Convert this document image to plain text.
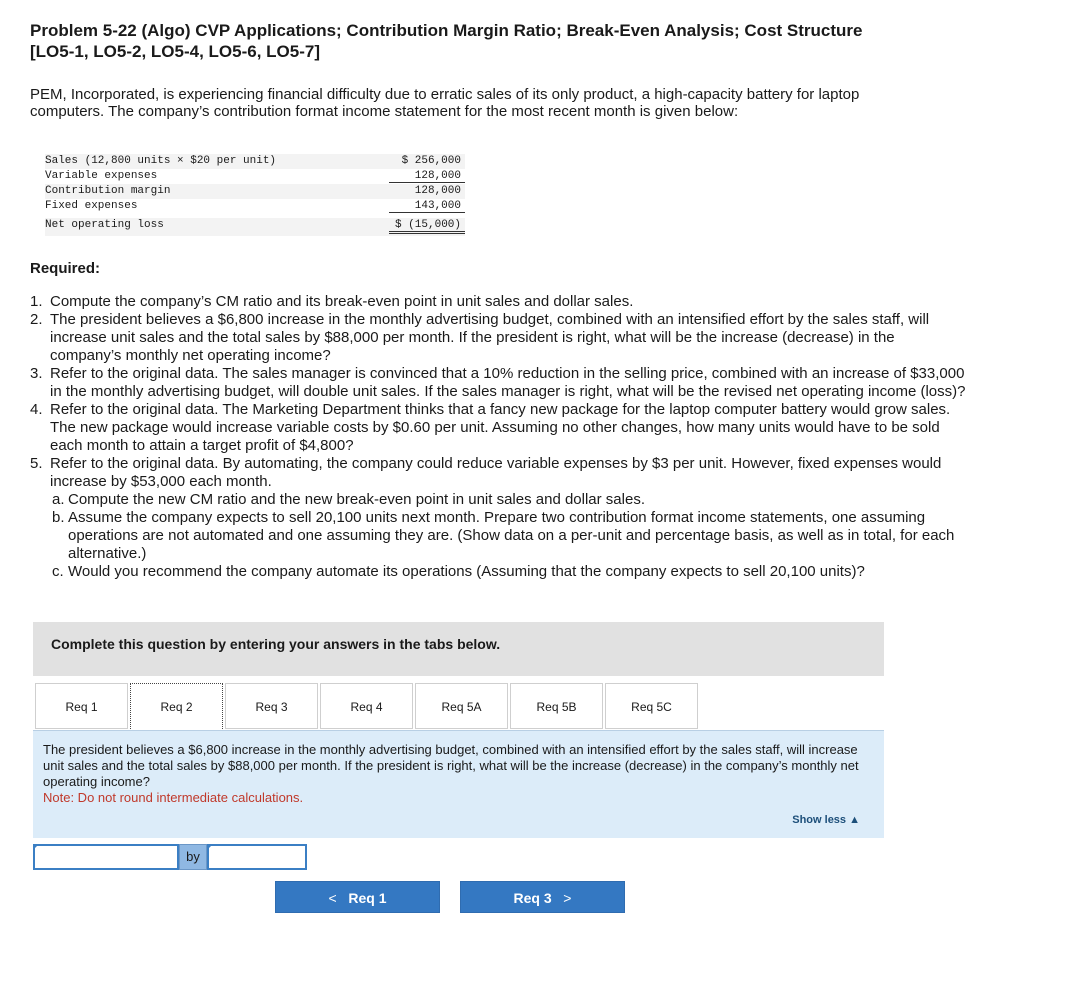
Problem 5-22 (Algo) CVP Applications; Contribution Margin Ratio; Break-Even Analysis; Cost Structure
[LO5-1, LO5-2, LO5-4, LO5-6, LO5-7]
PEM, Incorporated, is experiencing financial difficulty due to erratic sales of its only product, a high-capacity battery for laptop computers. The company’s contribution format income statement for the most recent month is given below:
Sales (12,800 units × $20 per unit)	$ 256,000
Variable expenses	128,000
Contribution margin	128,000
Fixed expenses	143,000
Net operating loss	$ (15,000)
Required:
1. Compute the company’s CM ratio and its break-even point in unit sales and dollar sales.
2. The president believes a $6,800 increase in the monthly advertising budget, combined with an intensified effort by the sales staff, will increase unit sales and the total sales by $88,000 per month. If the president is right, what will be the increase (decrease) in the company’s monthly net operating income?
3. Refer to the original data. The sales manager is convinced that a 10% reduction in the selling price, combined with an increase of $33,000 in the monthly advertising budget, will double unit sales. If the sales manager is right, what will be the revised net operating income (loss)?
4. Refer to the original data. The Marketing Department thinks that a fancy new package for the laptop computer battery would grow sales. The new package would increase variable costs by $0.60 per unit. Assuming no other changes, how many units would have to be sold each month to attain a target profit of $4,800?
5. Refer to the original data. By automating, the company could reduce variable expenses by $3 per unit. However, fixed expenses would increase by $53,000 each month.
a. Compute the new CM ratio and the new break-even point in unit sales and dollar sales.
b. Assume the company expects to sell 20,100 units next month. Prepare two contribution format income statements, one assuming operations are not automated and one assuming they are. (Show data on a per-unit and percentage basis, as well as in total, for each alternative.)
c. Would you recommend the company automate its operations (Assuming that the company expects to sell 20,100 units)?
Complete this question by entering your answers in the tabs below.
Req 1	Req 2	Req 3	Req 4	Req 5A	Req 5B	Req 5C
The president believes a $6,800 increase in the monthly advertising budget, combined with an intensified effort by the sales staff, will increase unit sales and the total sales by $88,000 per month. If the president is right, what will be the increase (decrease) in the company’s monthly net operating income?
Note: Do not round intermediate calculations.
Show less ▲
by
< Req 1	Req 3 >
